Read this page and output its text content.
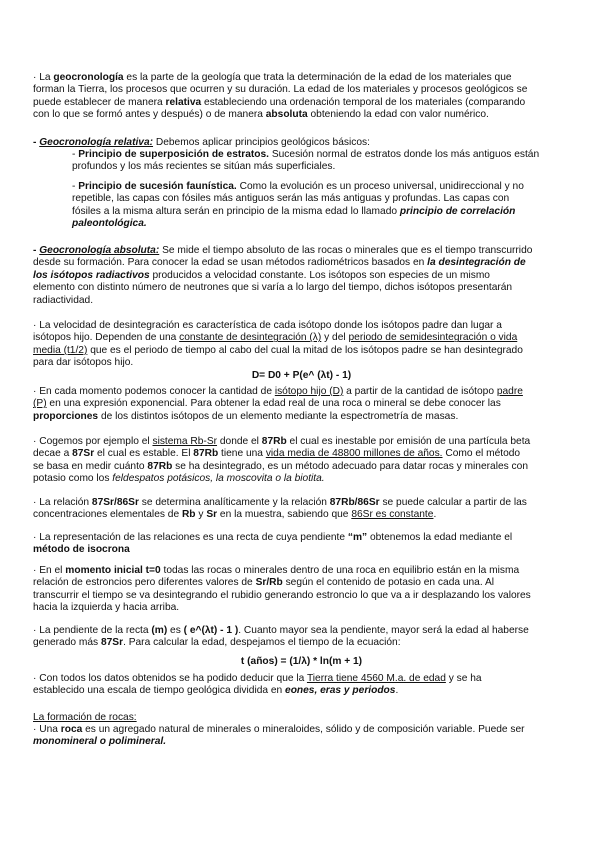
· La geocronología es la parte de la geología que trata la determinación de la edad de los materiales que
forman la Tierra, los procesos que ocurren y su duración. La edad de los materiales y procesos geológicos se
puede establecer de manera relativa estableciendo una ordenación temporal de los materiales (comparando
con lo que se formó antes y después) o de manera absoluta obteniendo la edad con valor numérico.

- Geocronología relativa: Debemos aplicar principios geológicos básicos:

- Principio de superposición de estratos. Sucesión normal de estratos donde los más antiguos están
profundos y los más recientes se sitúan más superficiales.

- Principio de sucesión faunística. Como la evolución es un proceso universal, unidireccional y no
repetible, las capas con fósiles más antiguos serán las más antiguas y profundas. Las capas con
fósiles a la misma altura serán en principio de la misma edad lo llamado principio de correlación
paleontológica.

- Geocronología absoluta: Se mide el tiempo absoluto de las rocas o minerales que es el tiempo transcurrido
desde su formación. Para conocer la edad se usan métodos radiométricos basados en la desintegración de
los isótopos radiactivos producidos a velocidad constante. Los isótopos son especies de un mismo
elemento con distinto número de neutrones que si varía a lo largo del tiempo, dichos isótopos presentarán
radiactividad.

· La velocidad de desintegración es característica de cada isótopo donde los isótopos padre dan lugar a
isótopos hijo. Dependen de una constante de desintegración (λ) y del periodo de semidesintegración o vida
media (t1/2) que es el periodo de tiempo al cabo del cual la mitad de los isótopos padre se han desintegrado
para dar isótopos hijo.

D= D0 + P(e^ (λt) - 1)

· En cada momento podemos conocer la cantidad de isótopo hijo (D) a partir de la cantidad de isótopo padre
(P) en una expresión exponencial. Para obtener la edad real de una roca o mineral se debe conocer las
proporciones de los distintos isótopos de un elemento mediante la espectrometría de masas.

· Cogemos por ejemplo el sistema Rb-Sr donde el 87Rb el cual es inestable por emisión de una partícula beta
decae a 87Sr el cual es estable. El 87Rb tiene una vida media de 48800 millones de años. Como el método
se basa en medir cuánto 87Rb se ha desintegrado, es un método adecuado para datar rocas y minerales con
potasio como los feldespatos potásicos, la moscovita o la biotita.

· La relación 87Sr/86Sr se determina analíticamente y la relación 87Rb/86Sr se puede calcular a partir de las
concentraciones elementales de Rb y Sr en la muestra, sabiendo que 86Sr es constante.

· La representación de las relaciones es una recta de cuya pendiente “m” obtenemos la edad mediante el
método de isocrona

· En el momento inicial t=0 todas las rocas o minerales dentro de una roca en equilibrio están en la misma
relación de estroncios pero diferentes valores de Sr/Rb según el contenido de potasio en cada una. Al
transcurrir el tiempo se va desintegrando el rubidio generando estroncio lo que va a ir desplazando los valores
hacia la izquierda y hacia arriba.

· La pendiente de la recta (m) es ( e^(λt) - 1 ). Cuanto mayor sea la pendiente, mayor será la edad al haberse
generado más 87Sr. Para calcular la edad, despejamos el tiempo de la ecuación:

t (años) = (1/λ) * ln(m + 1)

· Con todos los datos obtenidos se ha podido deducir que la Tierra tiene 4560 M.a. de edad y se ha
establecido una escala de tiempo geológica dividida en eones, eras y periodos.

La formación de rocas:

· Una roca es un agregado natural de minerales o mineraloides, sólido y de composición variable. Puede ser
monomineral o polimineral.
